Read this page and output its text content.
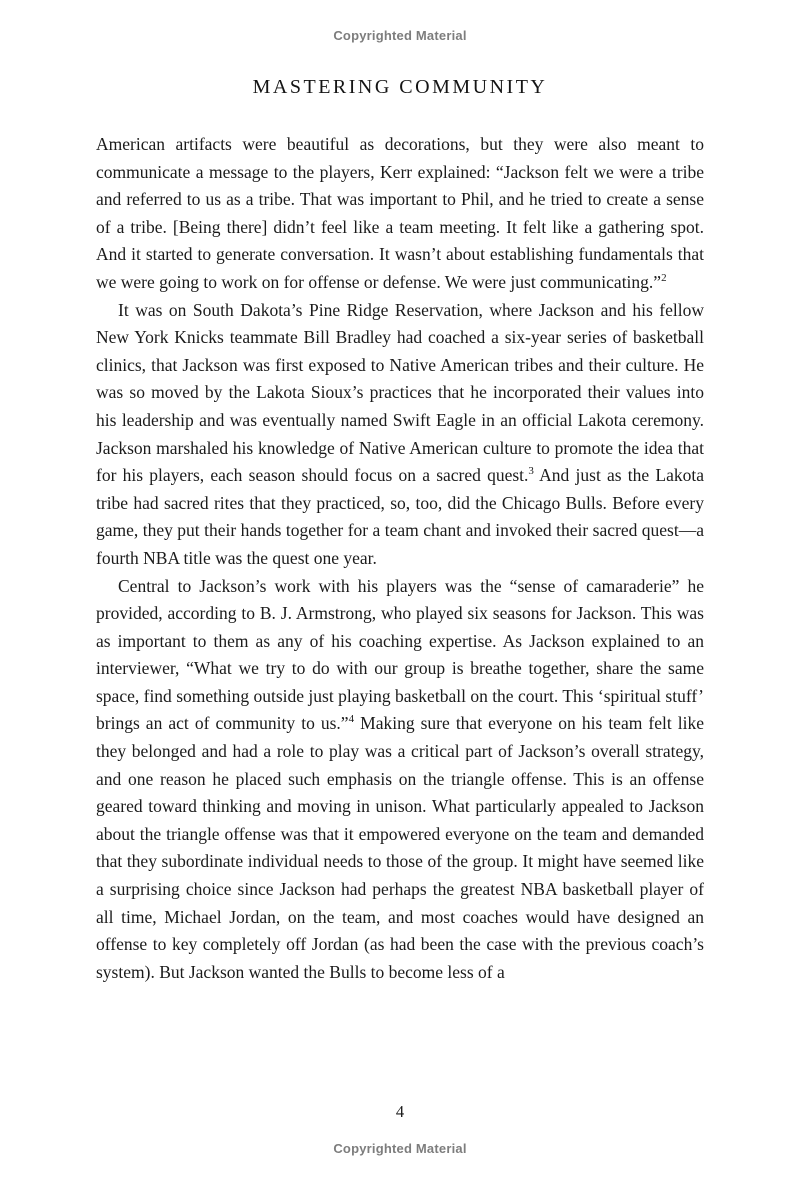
Copyrighted Material
MASTERING COMMUNITY

American artifacts were beautiful as decorations, but they were also meant to communicate a message to the players, Kerr explained: “Jackson felt we were a tribe and referred to us as a tribe. That was important to Phil, and he tried to create a sense of a tribe. [Being there] didn’t feel like a team meeting. It felt like a gathering spot. And it started to generate conversation. It wasn’t about establishing fundamentals that we were going to work on for offense or defense. We were just communicating.”$^2$

It was on South Dakota’s Pine Ridge Reservation, where Jackson and his fellow New York Knicks teammate Bill Bradley had coached a six-year series of basketball clinics, that Jackson was first exposed to Native American tribes and their culture. He was so moved by the Lakota Sioux’s practices that he incorporated their values into his leadership and was eventually named Swift Eagle in an official Lakota ceremony. Jackson marshaled his knowledge of Native American culture to promote the idea that for his players, each season should focus on a sacred quest.$^3$ And just as the Lakota tribe had sacred rites that they practiced, so, too, did the Chicago Bulls. Before every game, they put their hands together for a team chant and invoked their sacred quest—a fourth NBA title was the quest one year.

Central to Jackson’s work with his players was the “sense of camaraderie” he provided, according to B. J. Armstrong, who played six seasons for Jackson. This was as important to them as any of his coaching expertise. As Jackson explained to an interviewer, “What we try to do with our group is breathe together, share the same space, find something outside just playing basketball on the court. This ‘spiritual stuff’ brings an act of community to us.”$^4$ Making sure that everyone on his team felt like they belonged and had a role to play was a critical part of Jackson’s overall strategy, and one reason he placed such emphasis on the triangle offense. This is an offense geared toward thinking and moving in unison. What particularly appealed to Jackson about the triangle offense was that it empowered everyone on the team and demanded that they subordinate individual needs to those of the group. It might have seemed like a surprising choice since Jackson had perhaps the greatest NBA basketball player of all time, Michael Jordan, on the team, and most coaches would have designed an offense to key completely off Jordan (as had been the case with the previous coach’s system). But Jackson wanted the Bulls to become less of a

4
Copyrighted Material
